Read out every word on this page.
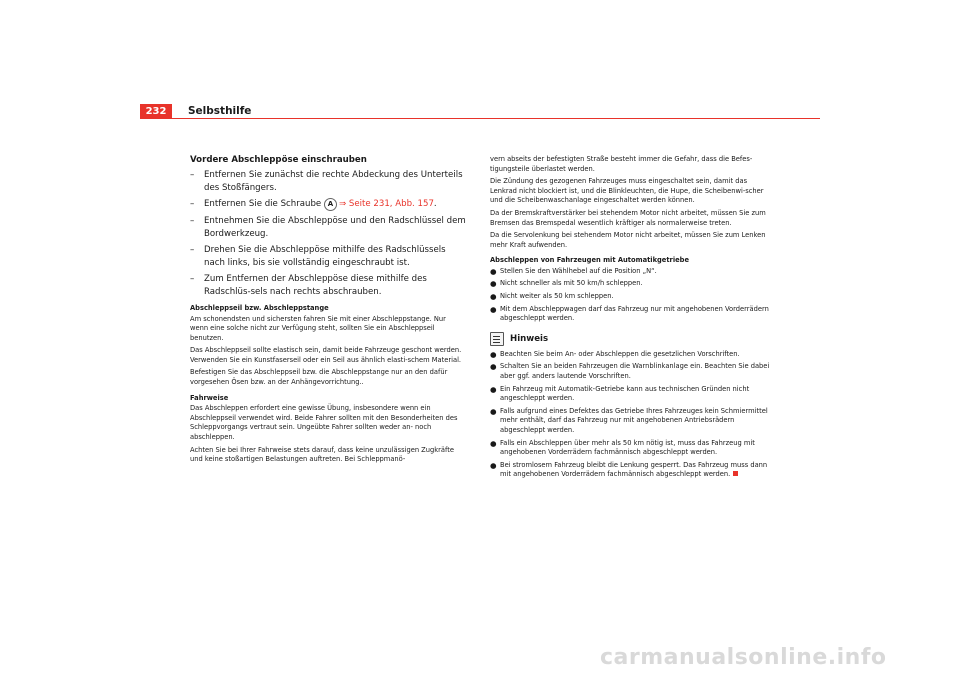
232	Selbsthilfe
Vordere Abschleppöse einschrauben
– Entfernen Sie zunächst die rechte Abdeckung des Unterteils des Stoßfängers.
– Entfernen Sie die Schraube A ⇒ Seite 231, Abb. 157.
– Entnehmen Sie die Abschleppöse und den Radschlüssel dem Bordwerkzeug.
– Drehen Sie die Abschleppöse mithilfe des Radschlüssels nach links, bis sie vollständig eingeschraubt ist.
– Zum Entfernen der Abschleppöse diese mithilfe des Radschlüs-sels nach rechts abschrauben.
Abschleppseil bzw. Abschleppstange

Am schonendsten und sichersten fahren Sie mit einer Abschleppstange. Nur wenn eine solche nicht zur Verfügung steht, sollten Sie ein Abschleppseil benutzen.

Das Abschleppseil sollte elastisch sein, damit beide Fahrzeuge geschont werden. Verwenden Sie ein Kunstfaserseil oder ein Seil aus ähnlich elasti-schem Material.

Befestigen Sie das Abschleppseil bzw. die Abschleppstange nur an den dafür vorgesehen Ösen bzw. an der Anhängevorrichtung..

Fahrweise

Das Abschleppen erfordert eine gewisse Übung, insbesondere wenn ein Abschleppseil verwendet wird. Beide Fahrer sollten mit den Besonderheiten des Schleppvorgangs vertraut sein. Ungeübte Fahrer sollten weder an- noch abschleppen.

Achten Sie bei Ihrer Fahrweise stets darauf, dass keine unzulässigen Zugkräfte und keine stoßartigen Belastungen auftreten. Bei Schleppmanö-

vern abseits der befestigten Straße besteht immer die Gefahr, dass die Befes-tigungsteile überlastet werden.

Die Zündung des gezogenen Fahrzeuges muss eingeschaltet sein, damit das Lenkrad nicht blockiert ist, und die Blinkleuchten, die Hupe, die Scheibenwi-scher und die Scheibenwaschanlage eingeschaltet werden können.

Da der Bremskraftverstärker bei stehendem Motor nicht arbeitet, müssen Sie zum Bremsen das Bremspedal wesentlich kräftiger als normalerweise treten.

Da die Servolenkung bei stehendem Motor nicht arbeitet, müssen Sie zum Lenken mehr Kraft aufwenden.

Abschleppen von Fahrzeugen mit Automatikgetriebe
● Stellen Sie den Wählhebel auf die Position „N“.
● Nicht schneller als mit 50 km/h schleppen.
● Nicht weiter als 50 km schleppen.
● Mit dem Abschleppwagen darf das Fahrzeug nur mit angehobenen Vorderrädern abgeschleppt werden.
Hinweis
● Beachten Sie beim An- oder Abschleppen die gesetzlichen Vorschriften.
● Schalten Sie an beiden Fahrzeugen die Warnblinkanlage ein. Beachten Sie dabei aber ggf. anders lautende Vorschriften.
● Ein Fahrzeug mit Automatik-Getriebe kann aus technischen Gründen nicht angeschleppt werden.
● Falls aufgrund eines Defektes das Getriebe Ihres Fahrzeuges kein Schmiermittel mehr enthält, darf das Fahrzeug nur mit angehobenen Antriebsrädern abgeschleppt werden.
● Falls ein Abschleppen über mehr als 50 km nötig ist, muss das Fahrzeug mit angehobenen Vorderrädern fachmännisch abgeschleppt werden.
● Bei stromlosem Fahrzeug bleibt die Lenkung gesperrt. Das Fahrzeug muss dann mit angehobenen Vorderrädern fachmännisch abgeschleppt werden.
carmanualsonline.info
